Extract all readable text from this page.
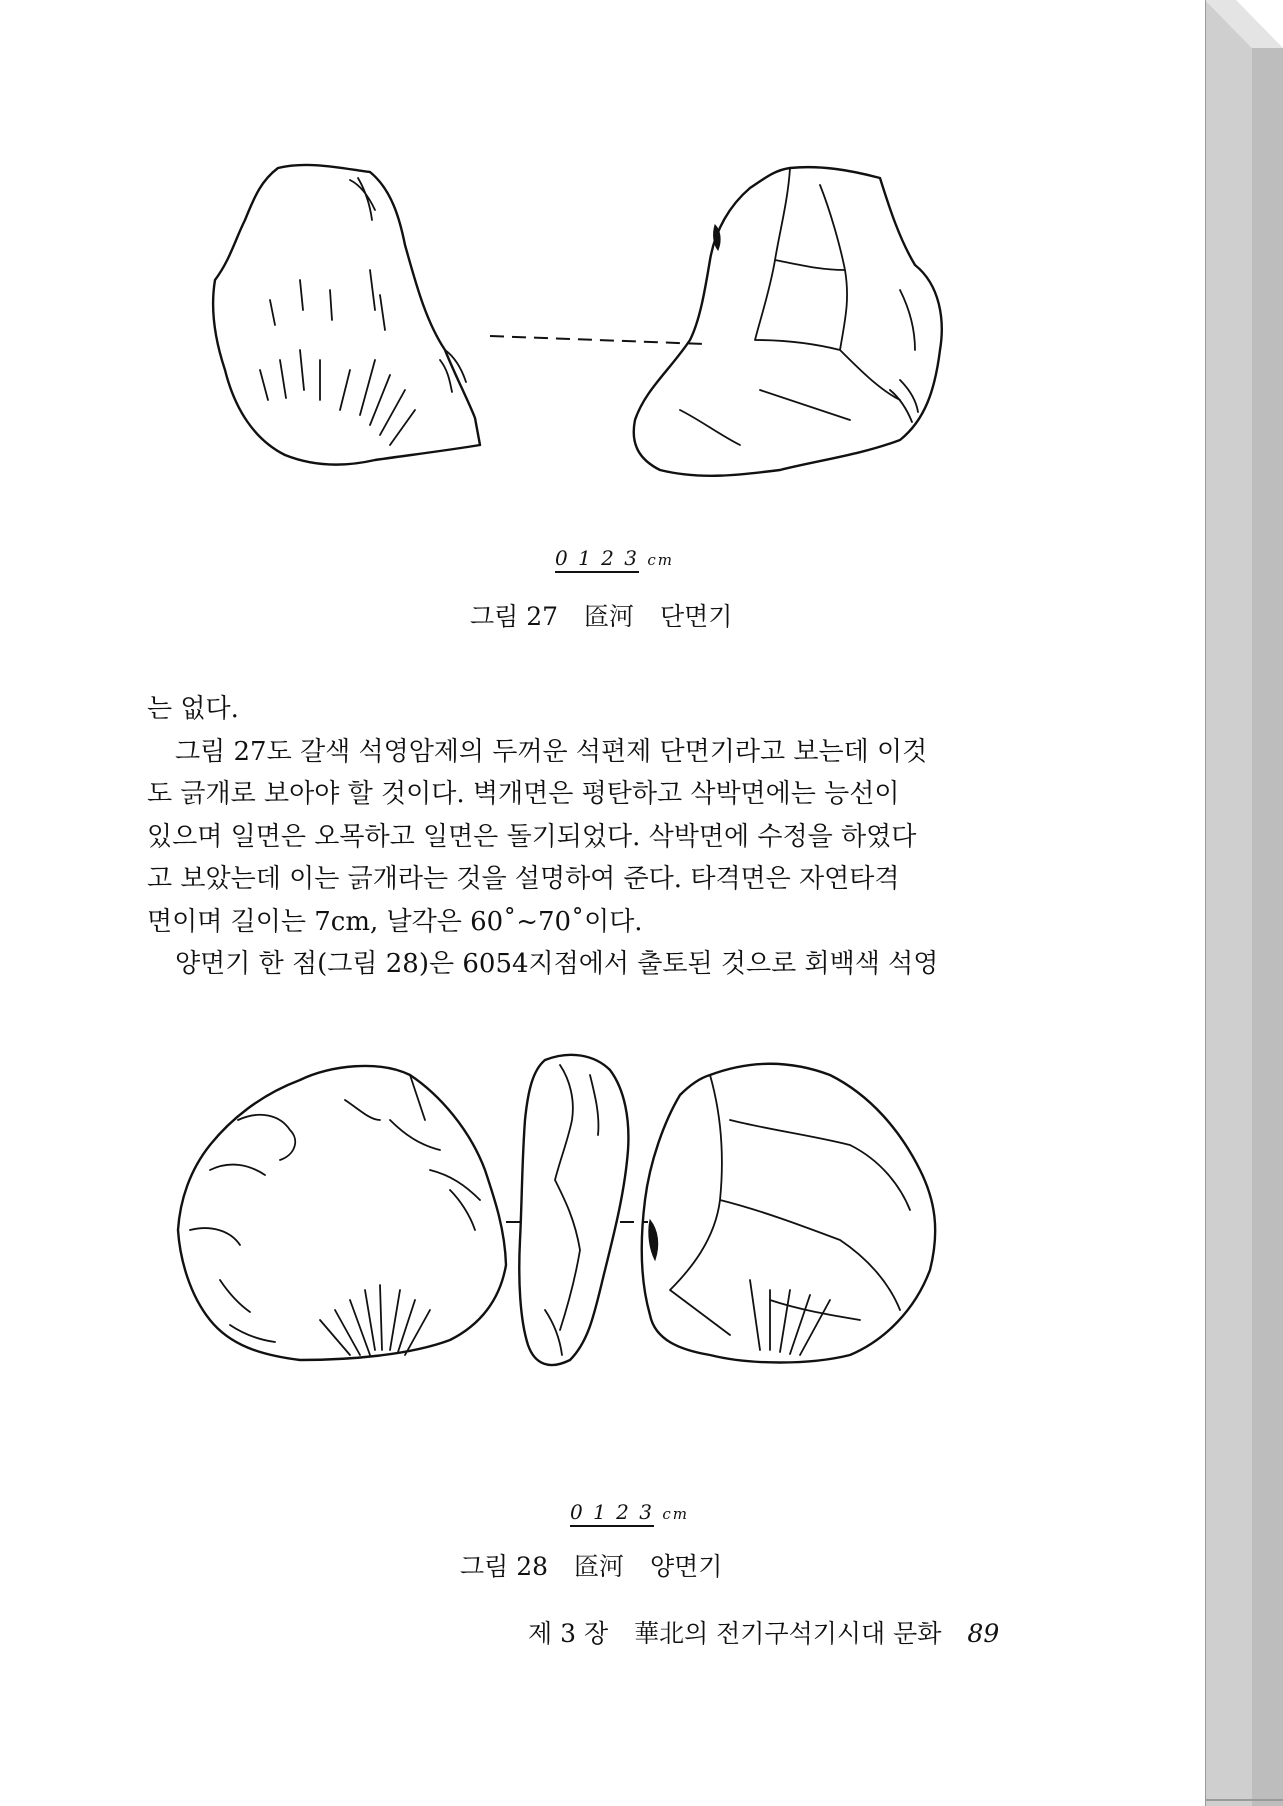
0 1 2 3 cm
그림 27 匼河 단면기
는 없다.
그림 27도 갈색 석영암제의 두꺼운 석편제 단면기라고 보는데 이것
도 긁개로 보아야 할 것이다. 벽개면은 평탄하고 삭박면에는 능선이
있으며 일면은 오목하고 일면은 돌기되었다. 삭박면에 수정을 하였다
고 보았는데 이는 긁개라는 것을 설명하여 준다. 타격면은 자연타격
면이며 길이는 7cm, 날각은 60˚~70˚이다.
양면기 한 점(그림 28)은 6054지점에서 출토된 것으로 회백색 석영
0 1 2 3 cm
그림 28 匼河 양면기
제 3 장 華北의 전기구석기시대 문화 89
